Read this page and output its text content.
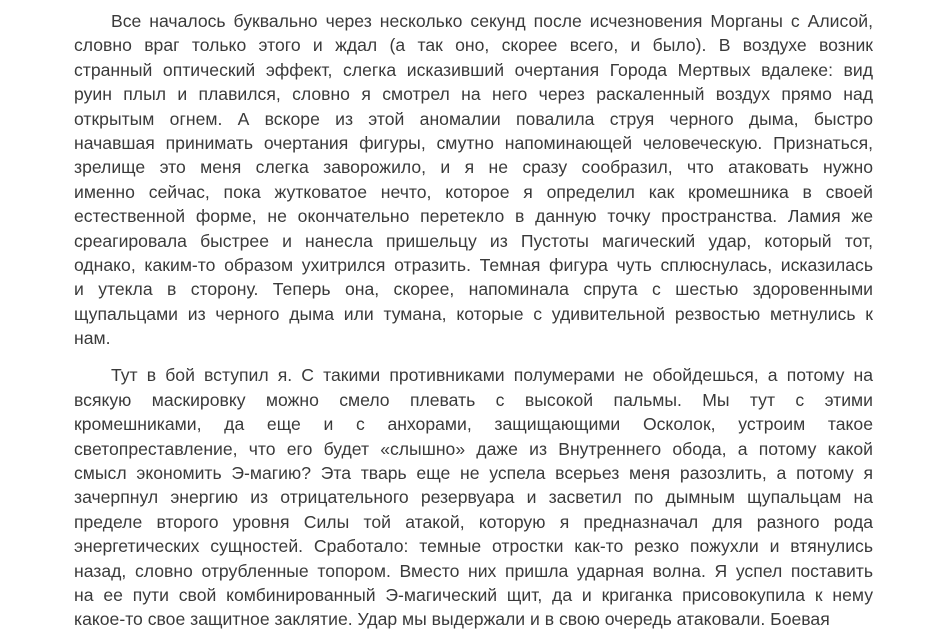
Все началось буквально через несколько секунд после исчезновения Морганы с Алисой,
словно враг только этого и ждал (а так оно, скорее всего, и было). В воздухе возник
странный оптический эффект, слегка исказивший очертания Города Мертвых вдалеке: вид
руин плыл и плавился, словно я смотрел на него через раскаленный воздух прямо над
открытым огнем. А вскоре из этой аномалии повалила струя черного дыма, быстро
начавшая принимать очертания фигуры, смутно напоминающей человеческую. Признаться,
зрелище это меня слегка заворожило, и я не сразу сообразил, что атаковать нужно
именно сейчас, пока жутковатое нечто, которое я определил как кромешника в своей
естественной форме, не окончательно перетекло в данную точку пространства. Ламия же
среагировала быстрее и нанесла пришельцу из Пустоты магический удар, который тот,
однако, каким-то образом ухитрился отразить. Темная фигура чуть сплюснулась, исказилась
и утекла в сторону. Теперь она, скорее, напоминала спрута с шестью здоровенными
щупальцами из черного дыма или тумана, которые с удивительной резвостью метнулись к
нам.
Тут в бой вступил я. С такими противниками полумерами не обойдешься, а потому на
всякую маскировку можно смело плевать с высокой пальмы. Мы тут с этими
кромешниками, да еще и с анхорами, защищающими Осколок, устроим такое
светопреставление, что его будет «слышно» даже из Внутреннего обода, а потому какой
смысл экономить Э-магию? Эта тварь еще не успела всерьез меня разозлить, а потому я
зачерпнул энергию из отрицательного резервуара и засветил по дымным щупальцам на
пределе второго уровня Силы той атакой, которую я предназначал для разного рода
энергетических сущностей. Сработало: темные отростки как-то резко пожухли и втянулись
назад, словно отрубленные топором. Вместо них пришла ударная волна. Я успел поставить
на ее пути свой комбинированный Э-магический щит, да и криганка присовокупила к нему
какое-то свое защитное заклятие. Удар мы выдержали и в свою очередь атаковали. Боевая
